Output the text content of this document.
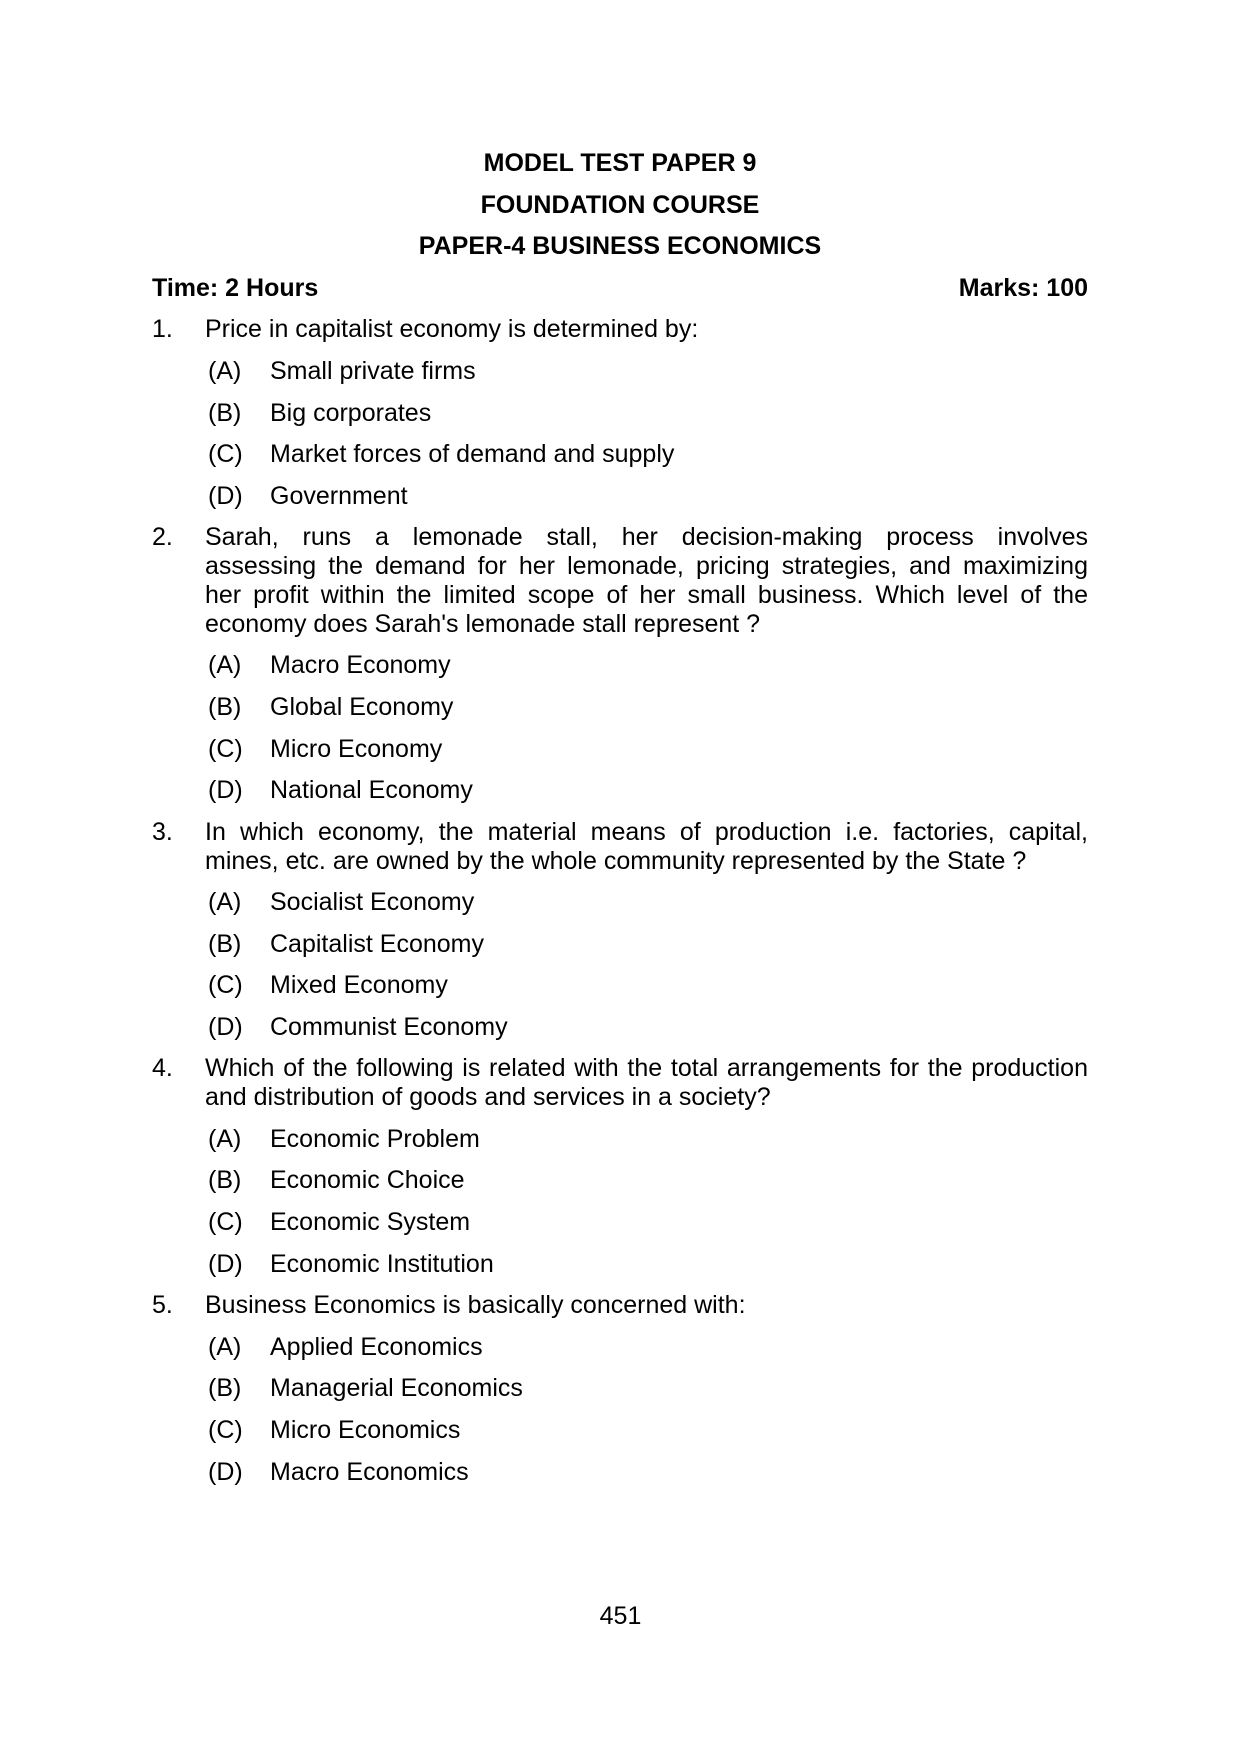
MODEL TEST PAPER 9
FOUNDATION COURSE
PAPER-4 BUSINESS ECONOMICS
Time: 2 Hours	Marks: 100
1.	Price in capitalist economy is determined by:
(A)	Small private firms
(B)	Big corporates
(C)	Market forces of demand and supply
(D)	Government
2.	Sarah, runs a lemonade stall, her decision-making process involves
assessing the demand for her lemonade, pricing strategies, and maximizing
her profit within the limited scope of her small business. Which level of the
economy does Sarah's lemonade stall represent ?
(A)	Macro Economy
(B)	Global Economy
(C)	Micro Economy
(D)	National Economy
3.	In which economy, the material means of production i.e. factories, capital,
mines, etc. are owned by the whole community represented by the State ?
(A)	Socialist Economy
(B)	Capitalist Economy
(C)	Mixed Economy
(D)	Communist Economy
4.	Which of the following is related with the total arrangements for the production
and distribution of goods and services in a society?
(A)	Economic Problem
(B)	Economic Choice
(C)	Economic System
(D)	Economic Institution
5.	Business Economics is basically concerned with:
(A)	Applied Economics
(B)	Managerial Economics
(C)	Micro Economics
(D)	Macro Economics
451
